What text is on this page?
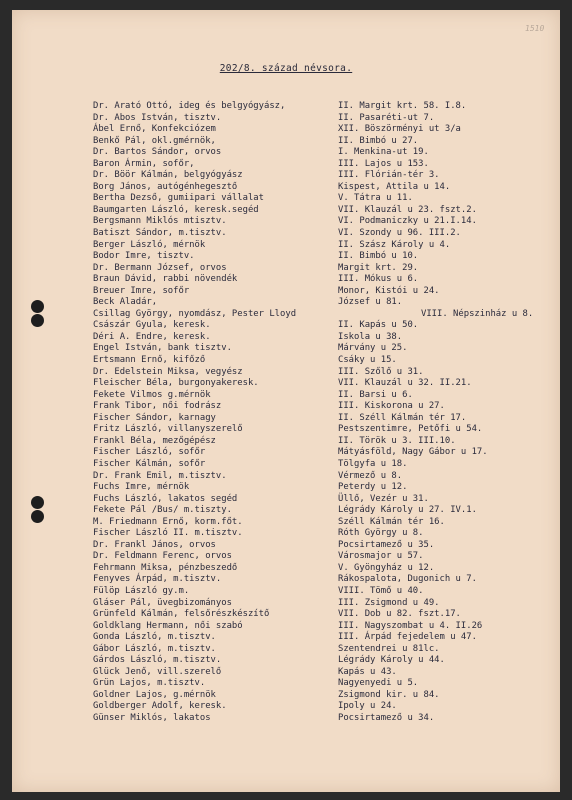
1510
202/8. század névsora.
Dr. Arató Ottó, ideg és belgyógyász,	II. Margit krt. 58. I.8.
Dr. Abos István, tisztv.	II. Pasaréti-ut 7.
Ábel Ernő, Konfekciózem	XII. Böszörményi ut 3/a
Benkő Pál, okl.gmérnök,	II. Bimbó u 27.
Dr. Bartos Sándor, orvos	I. Menkina-ut 19.
Baron Ármin, sofőr,	III. Lajos u 153.
Dr. Böör Kálmán, belgyógyász	III. Flórián-tér 3.
Borg János, autógénhegesztő	Kispest, Attila u 14.
Bertha Dezső, gumiipari vállalat	V. Tátra u 11.
Baumgarten László, keresk.segéd	VII. Klauzál u 23. fszt.2.
Bergsmann Miklós mtisztv.	VI. Podmaniczky u 21.I.14.
Batiszt Sándor, m.tisztv.	VI. Szondy u 96. III.2.
Berger László, mérnök	II. Szász Károly u 4.
Bodor Imre, tisztv.	II. Bimbó u 10.
Dr. Bermann József, orvos	Margit krt. 29.
Braun Dávid, rabbi növendék	III. Mókus u 6.
Breuer Imre, sofőr	Monor, Kistói u 24.
Beck Aladár,	József u 81.
Csillag György, nyomdász, Pester Lloyd	VIII. Népszinház u 8.
Császár Gyula, keresk.	II. Kapás u 50.
Déri A. Endre, keresk.	Iskola u 38.
Engel István, bank tisztv.	Márvány u 25.
Ertsmann Ernő, kifőző	Csáky u 15.
Dr. Edelstein Miksa, vegyész	III. Szőlő u 31.
Fleischer Béla, burgonyakeresk.	VII. Klauzál u 32. II.21.
Fekete Vilmos g.mérnök	II. Barsi u 6.
Frank Tibor, női fodrász	III. Kiskorona u 27.
Fischer Sándor, karnagy	II. Széll Kálmán tér 17.
Fritz László, villanyszerelő	Pestszentimre, Petőfi u 54.
Frankl Béla, mezőgépész	II. Török u 3. III.10.
Fischer László, sofőr	Mátyásföld, Nagy Gábor u 17.
Fischer Kálmán, sofőr	Tölgyfa u 18.
Dr. Frank Emil, m.tisztv.	Vérmező u 8.
Fuchs Imre, mérnök	Peterdy u 12.
Fuchs László, lakatos segéd	Üllő, Vezér u 31.
Fekete Pál /Bus/ m.tiszty.	Légrády Károly u 27. IV.1.
M. Friedmann Ernő, korm.főt.	Széll Kálmán tér 16.
Fischer László II. m.tisztv.	Róth György u 8.
Dr. Frankl János, orvos	Pocsirtamező u 35.
Dr. Feldmann Ferenc, orvos	Városmajor u 57.
Fehrmann Miksa, pénzbeszedő	V. Gyöngyház u 12.
Fenyves Árpád, m.tisztv.	Rákospalota, Dugonich u 7.
Fülöp László gy.m.	VIII. Tömő u 40.
Gláser Pál, üvegbizományos	III. Zsigmond u 49.
Grünfeld Kálmán, felsőrészkészítő	VII. Dob u 82. fszt.17.
Goldklang Hermann, női szabó	III. Nagyszombat u 4. II.26
Gonda László, m.tisztv.	III. Árpád fejedelem u 47.
Gábor László, m.tisztv.	Szentendrei u 81lc.
Gárdos László, m.tisztv.	Légrády Károly u 44.
Glück Jenő, vill.szerelő	Kapás u 43.
Grün Lajos, m.tisztv.	Nagyenyedi u 5.
Goldner Lajos, g.mérnök	Zsigmond kir. u 84.
Goldberger Adolf, keresk.	Ipoly u 24.
Günser Miklós, lakatos	Pocsirtamező u 34.
